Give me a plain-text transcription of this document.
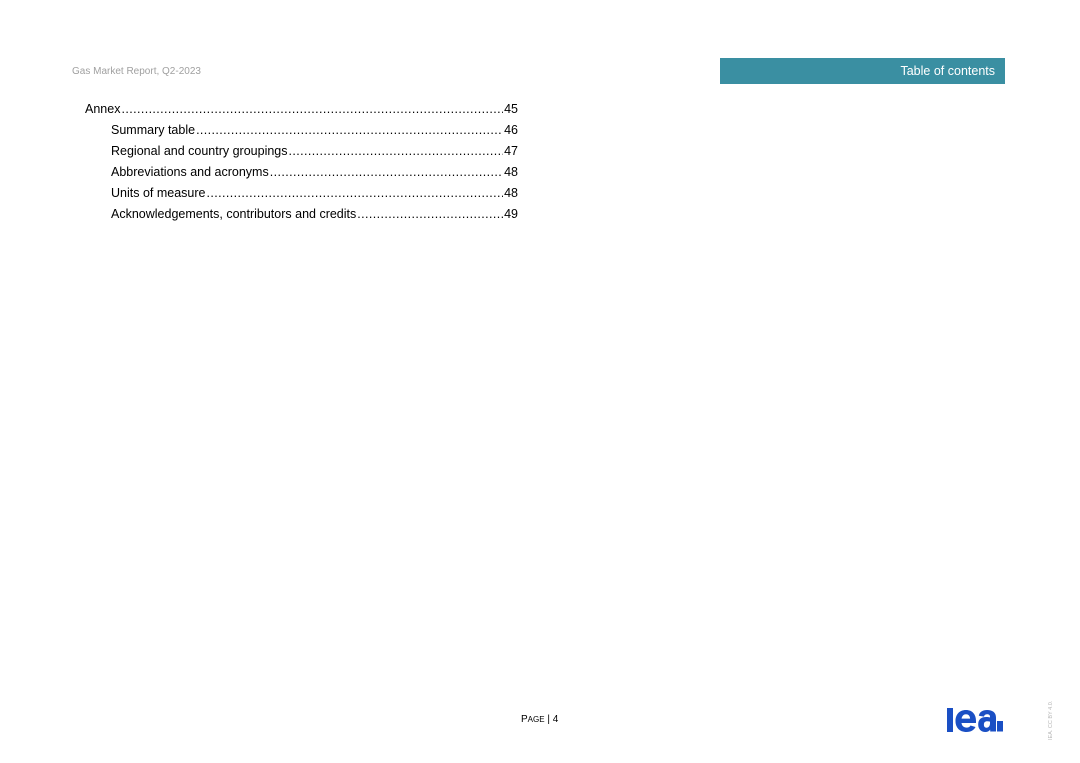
Gas Market Report, Q2-2023	Table of contents
Annex .....	45
Summary table .....	46
Regional and country groupings .....	47
Abbreviations and acronyms .....	48
Units of measure .....	48
Acknowledgements, contributors and credits .....	49
PAGE | 4	IEA. CC BY 4.0.
